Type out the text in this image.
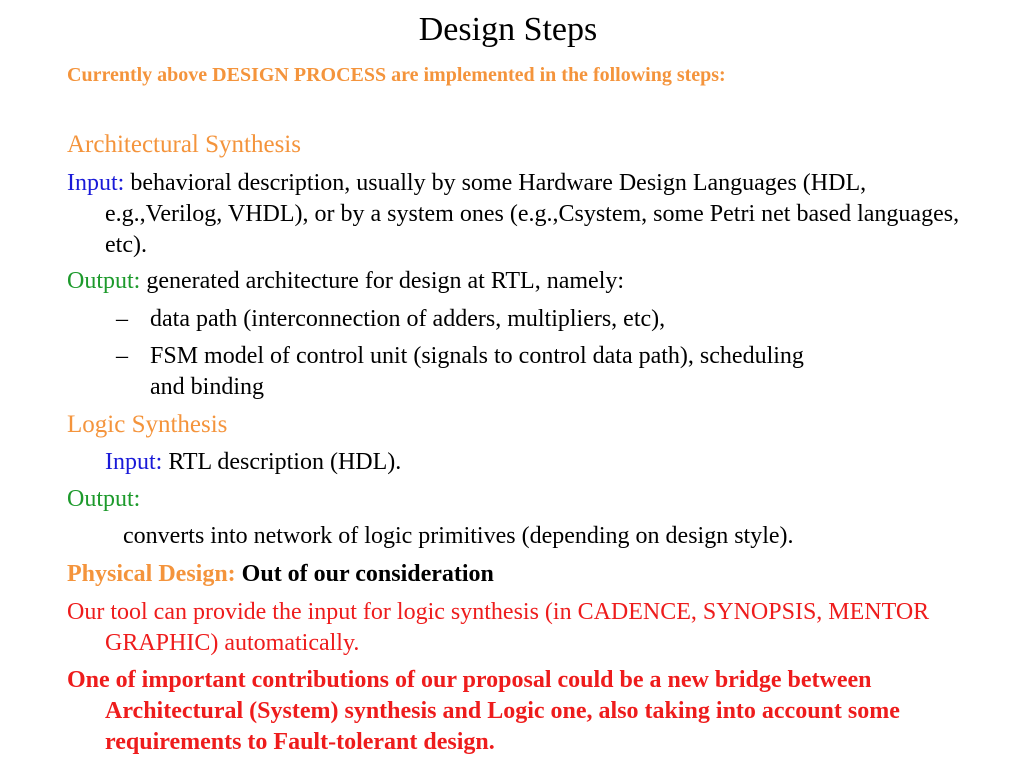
Design Steps
Currently above DESIGN PROCESS are implemented in the following steps:
Architectural Synthesis
Input: behavioral description, usually by some Hardware Design Languages (HDL, e.g.,Verilog, VHDL), or by a system ones (e.g.,Csystem, some Petri net based languages, etc).
Output: generated architecture for design at RTL, namely:
– data path (interconnection of adders, multipliers, etc),
– FSM model of control unit (signals to control data path), scheduling and binding
Logic Synthesis
Input: RTL description (HDL).
Output:
converts into network of logic primitives (depending on design style).
Physical Design: Out of our consideration
Our tool can provide the input for logic synthesis (in CADENCE, SYNOPSIS, MENTOR GRAPHIC) automatically.
One of important contributions of our proposal could be a new bridge between Architectural (System) synthesis and Logic one, also taking into account some requirements to Fault-tolerant design.
